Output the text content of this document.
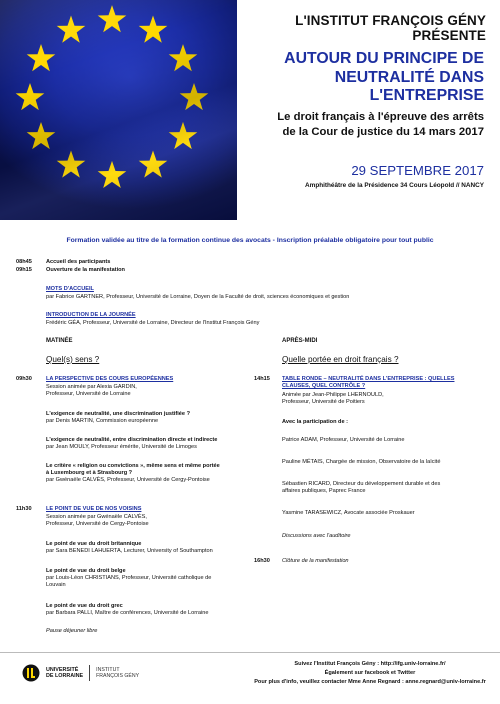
L'INSTITUT FRANÇOIS GÉNY PRÉSENTE
AUTOUR DU PRINCIPE DE
NEUTRALITÉ DANS
L'ENTREPRISE
Le droit français à l'épreuve des arrêts
de la Cour de justice du 14 mars 2017
29 SEPTEMBRE 2017
Amphithéâtre de la Présidence 34 Cours Léopold // NANCY
Formation validée au titre de la formation continue des avocats - Inscription préalable obligatoire pour tout public
08h45	Accueil des participants
09h15	Ouverture de la manifestation
MOTS D'ACCUEIL
par Fabrice GARTNER, Professeur, Université de Lorraine, Doyen de la Faculté de droit, sciences économiques et gestion
INTRODUCTION DE LA JOURNÉE
Frédéric GÉA, Professeur, Université de Lorraine, Directeur de l'Institut François Gény
MATINÉE	APRÈS-MIDI
Quel(s) sens ?	Quelle portée en droit français ?
09h30	LA PERSPECTIVE DES COURS EUROPÉENNES
Session animée par Alexia GARDIN,
Professeur, Université de Lorraine
L'exigence de neutralité, une discrimination justifiée ?
par Denis MARTIN, Commission européenne
L'exigence de neutralité, entre discrimination directe et indirecte
par Jean MOULY, Professeur émérite, Université de Limoges
Le critère « religion ou convictions », même sens et même portée
à Luxembourg et à Strasbourg ?
par Gwénaële CALVÈS, Professeur, Université de Cergy-Pontoise
11h30	LE POINT DE VUE DE NOS VOISINS
Session animée par Gwénaële CALVÈS,
Professeur, Université de Cergy-Pontoise
Le point de vue du droit britannique
par Sara BENEDI LAHUERTA, Lecturer, University of Southampton
Le point de vue du droit belge
par Louis-Léon CHRISTIANS, Professeur, Université catholique de
Louvain
Le point de vue du droit grec
par Barbara PALLI, Maître de conférences, Université de Lorraine
Pause déjeuner libre
14h15 TABLE RONDE – NEUTRALITÉ DANS L'ENTREPRISE : QUELLES
CLAUSES, QUEL CONTRÔLE ?
Animée par Jean-Philippe LHERNOULD,
Professeur, Université de Poitiers
Avec la participation de :
Patrice ADAM, Professeur, Université de Lorraine
Pauline MÉTAIS, Chargée de mission, Observatoire de la laïcité
Sébastien RICARD, Directeur du développement durable et des
affaires publiques, Paprec France
Yasmine TARASEWICZ, Avocate associée Proskauer
Discussions avec l'auditoire
16h30 Clôture de la manifestation
UNIVERSITÉ
DE LORRAINE
INSTITUT
FRANÇOIS GÉNY
Suivez l'Institut François Gény : http://ifg.univ-lorraine.fr/
Également sur facebook et Twitter
Pour plus d'info, veuillez contacter Mme Anne Regnard : anne.regnard@univ-lorraine.fr
